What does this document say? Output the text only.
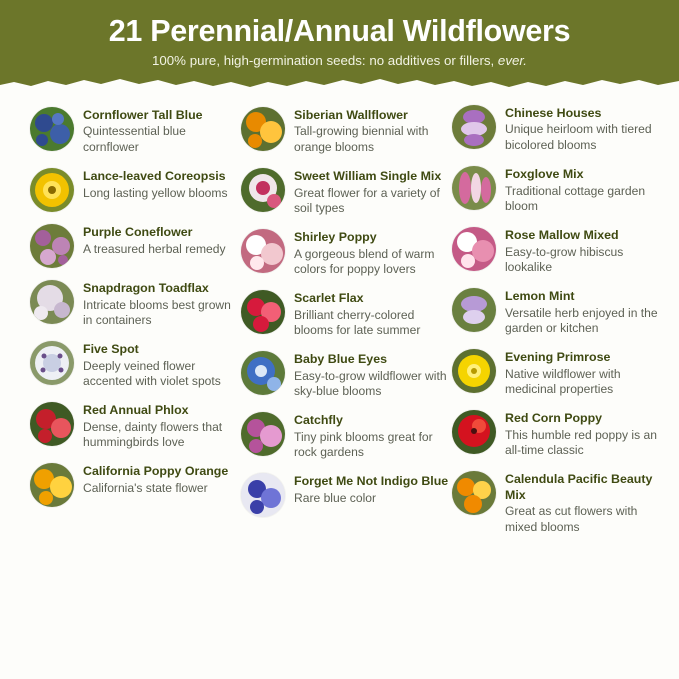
21 Perennial/Annual Wildflowers
100% pure, high-germination seeds: no additives or fillers, ever.

Cornflower Tall Blue

Quintessential blue cornflower

Lance-leaved Coreopsis

Long lasting yellow blooms

Purple Coneflower

A treasured herbal remedy

Snapdragon Toadflax

Intricate blooms best grown in containers

Five Spot

Deeply veined flower accented with violet spots

Red Annual Phlox

Dense, dainty flowers that hummingbirds love

California Poppy Orange

California's state flower

Siberian Wallflower

Tall-growing biennial with orange blooms

Sweet William Single Mix

Great flower for a variety of soil types

Shirley Poppy

A gorgeous blend of warm colors for poppy lovers

Scarlet Flax

Brilliant cherry-colored blooms for late summer

Baby Blue Eyes

Easy-to-grow wildflower with sky-blue blooms

Catchfly

Tiny pink blooms great for rock gardens

Forget Me Not Indigo Blue

Rare blue color

Chinese Houses

Unique heirloom with tiered bicolored blooms

Foxglove Mix

Traditional cottage garden bloom

Rose Mallow Mixed

Easy-to-grow hibiscus lookalike

Lemon Mint

Versatile herb enjoyed in the garden or kitchen

Evening Primrose

Native wildflower with medicinal properties

Red Corn Poppy

This humble red poppy is an all-time classic

Calendula Pacific Beauty Mix

Great as cut flowers with mixed blooms
